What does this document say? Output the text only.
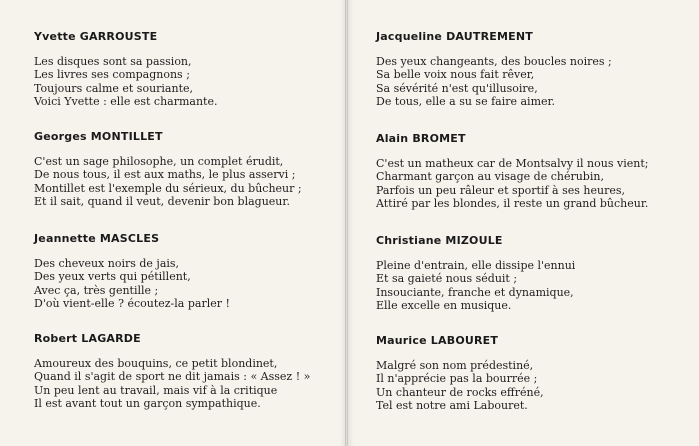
Yvette GARROUSTE

Les disques sont sa passion,

Les livres ses compagnons ;

Toujours calme et souriante,

Voici Yvette : elle est charmante.

Georges MONTILLET

C'est un sage philosophe, un complet érudit,

De nous tous, il est aux maths, le plus asservi ;

Montillet est l'exemple du sérieux, du bûcheur ;

Et il sait, quand il veut, devenir bon blagueur.

Jeannette MASCLES

Des cheveux noirs de jais,

Des yeux verts qui pétillent,

Avec ça, très gentille ;

D'où vient-elle ? écoutez-la parler !

Robert LAGARDE

Amoureux des bouquins, ce petit blondinet,

Quand il s'agit de sport ne dit jamais : « Assez ! »

Un peu lent au travail, mais vif à la critique

Il est avant tout un garçon sympathique.

Jacqueline DAUTREMENT

Des yeux changeants, des boucles noires ;

Sa belle voix nous fait rêver,

Sa sévérité n'est qu'illusoire,

De tous, elle a su se faire aimer.

Alain BROMET

C'est un matheux car de Montsalvy il nous vient;

Charmant garçon au visage de chérubin,

Parfois un peu râleur et sportif à ses heures,

Attiré par les blondes, il reste un grand bûcheur.

Christiane MIZOULE

Pleine d'entrain, elle dissipe l'ennui

Et sa gaieté nous séduit ;

Insouciante, franche et dynamique,

Elle excelle en musique.

Maurice LABOURET

Malgré son nom prédestiné,

Il n'apprécie pas la bourrée ;

Un chanteur de rocks effréné,

Tel est notre ami Labouret.
